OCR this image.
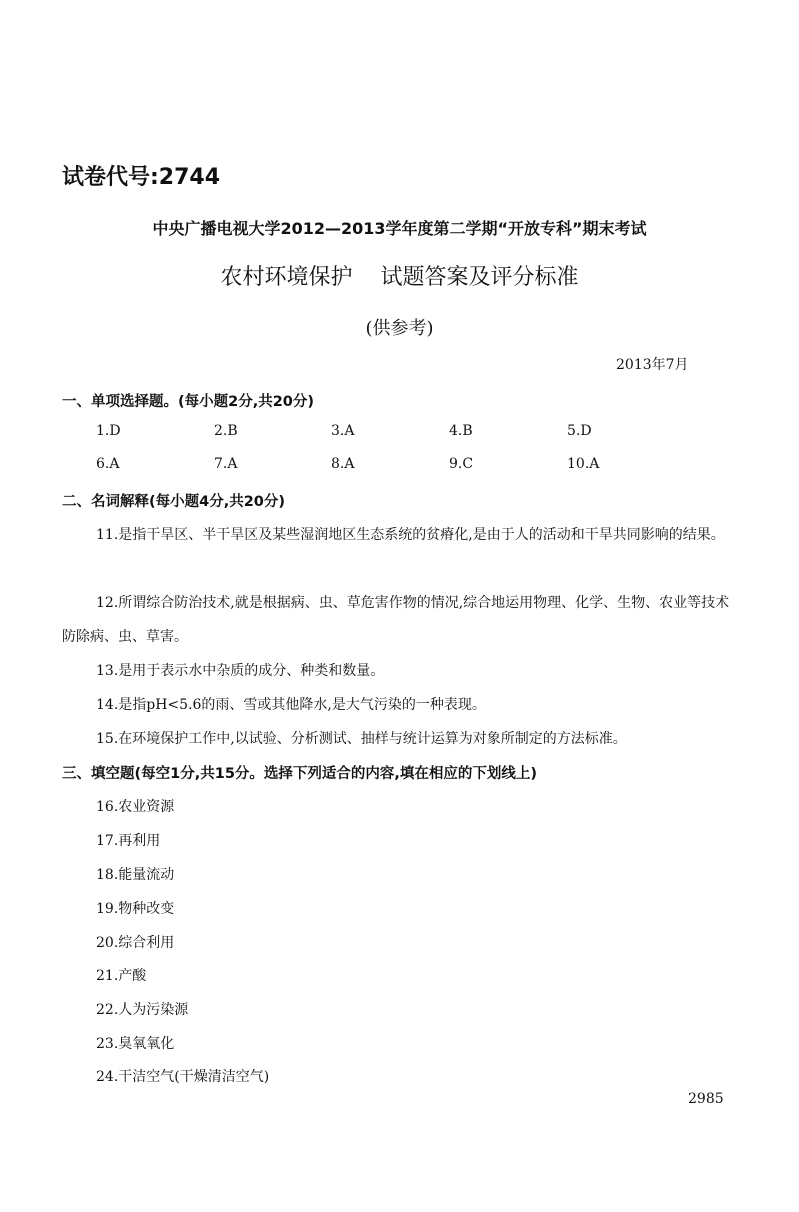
试卷代号:2744
中央广播电视大学2012—2013学年度第二学期“开放专科”期末考试
农村环境保护 试题答案及评分标准
(供参考)
2013年7月
一、单项选择题。(每小题2分,共20分)
1.D	2.B	3.A	4.B	5.D
6.A	7.A	8.A	9.C	10.A
二、名词解释(每小题4分,共20分)
11.是指干旱区、半干旱区及某些湿润地区生态系统的贫瘠化,是由于人的活动和干旱共同影响的结果。
12.所谓综合防治技术,就是根据病、虫、草危害作物的情况,综合地运用物理、化学、生物、农业等技术防除病、虫、草害。
13.是用于表示水中杂质的成分、种类和数量。
14.是指pH<5.6的雨、雪或其他降水,是大气污染的一种表现。
15.在环境保护工作中,以试验、分析测试、抽样与统计运算为对象所制定的方法标准。
三、填空题(每空1分,共15分。选择下列适合的内容,填在相应的下划线上)
16.农业资源
17.再利用
18.能量流动
19.物种改变
20.综合利用
21.产酸
22.人为污染源
23.臭氧氧化
24.干洁空气(干燥清洁空气)
2985
